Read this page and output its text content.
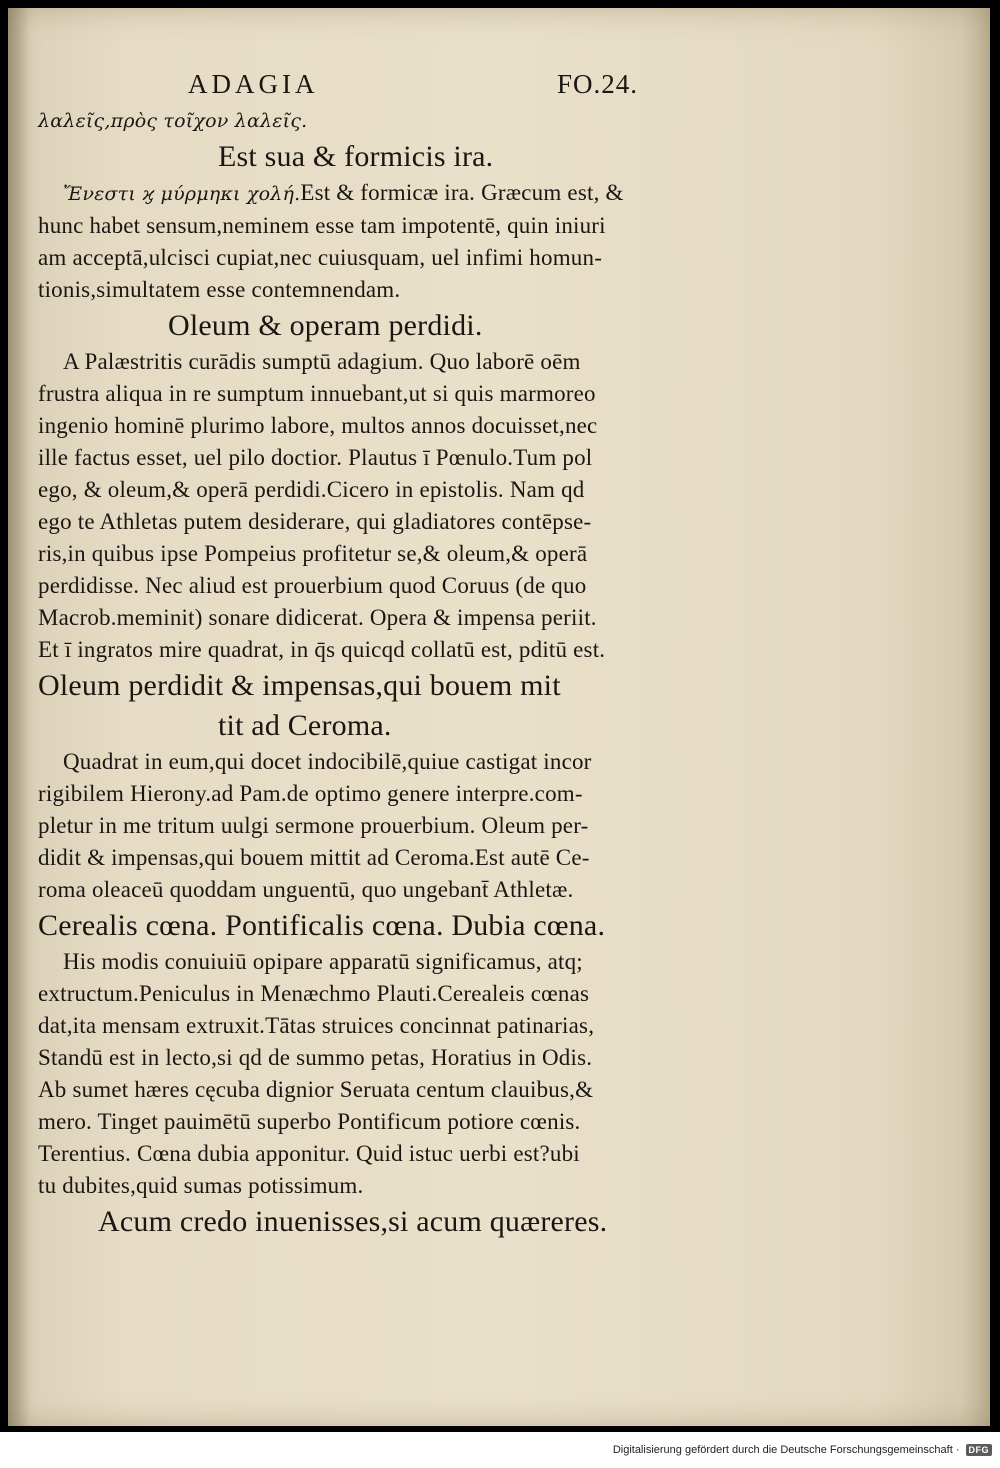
ADAGIA	FO.24.
λαλεῖς,πρὸς τοῖχον λαλεῖς.
Est sua & formicis ira.
Ἔνεστι ϗ μύρμηκι χολή.Est & formicæ ira. Græcum est, &
hunc habet sensum,neminem esse tam impotentē, quin iniuri
am acceptā,ulcisci cupiat,nec cuiusquam, uel infimi homun-
tionis,simultatem esse contemnendam.
Oleum & operam perdidi.
A Palæstritis curādis sumptū adagium. Quo laborē oēm
frustra aliqua in re sumptum innuebant,ut si quis marmoreo
ingenio hominē plurimo labore, multos annos docuisset,nec
ille factus esset, uel pilo doctior. Plautus ī Pœnulo.Tum pol
ego, & oleum,& operā perdidi.Cicero in epistolis. Nam qd
ego te Athletas putem desiderare, qui gladiatores contēpse-
ris,in quibus ipse Pompeius profitetur se,& oleum,& operā
perdidisse. Nec aliud est prouerbium quod Coruus (de quo
Macrob.meminit) sonare didicerat. Opera & impensa periit.
Et ī ingratos mire quadrat, in q̄s quicqd collatū est, pditū est.
Oleum perdidit & impensas,qui bouem mit
tit ad Ceroma.
Quadrat in eum,qui docet indocibilē,quiue castigat incor
rigibilem Hierony.ad Pam.de optimo genere interpre.com-
pletur in me tritum uulgi sermone prouerbium. Oleum per-
didit & impensas,qui bouem mittit ad Ceroma.Est autē Ce-
roma oleaceū quoddam unguentū, quo ungebant̄ Athletæ.
Cerealis cœna. Pontificalis cœna. Dubia cœna.
His modis conuiuiū opipare apparatū significamus, atq;
extructum.Peniculus in Menæchmo Plauti.Cerealeis cœnas
dat,ita mensam extruxit.Tātas struices concinnat patinarias,
Standū est in lecto,si qd de summo petas, Horatius in Odis.
Ab sumet hæres cęcuba dignior Seruata centum clauibus,&
mero. Tinget pauimētū superbo Pontificum potiore cœnis.
Terentius. Cœna dubia apponitur. Quid istuc uerbi est?ubi
tu dubites,quid sumas potissimum.
Acum credo inuenisses,si acum quæreres.
Digitalisierung gefördert durch die Deutsche Forschungsgemeinschaft ·	DFG
